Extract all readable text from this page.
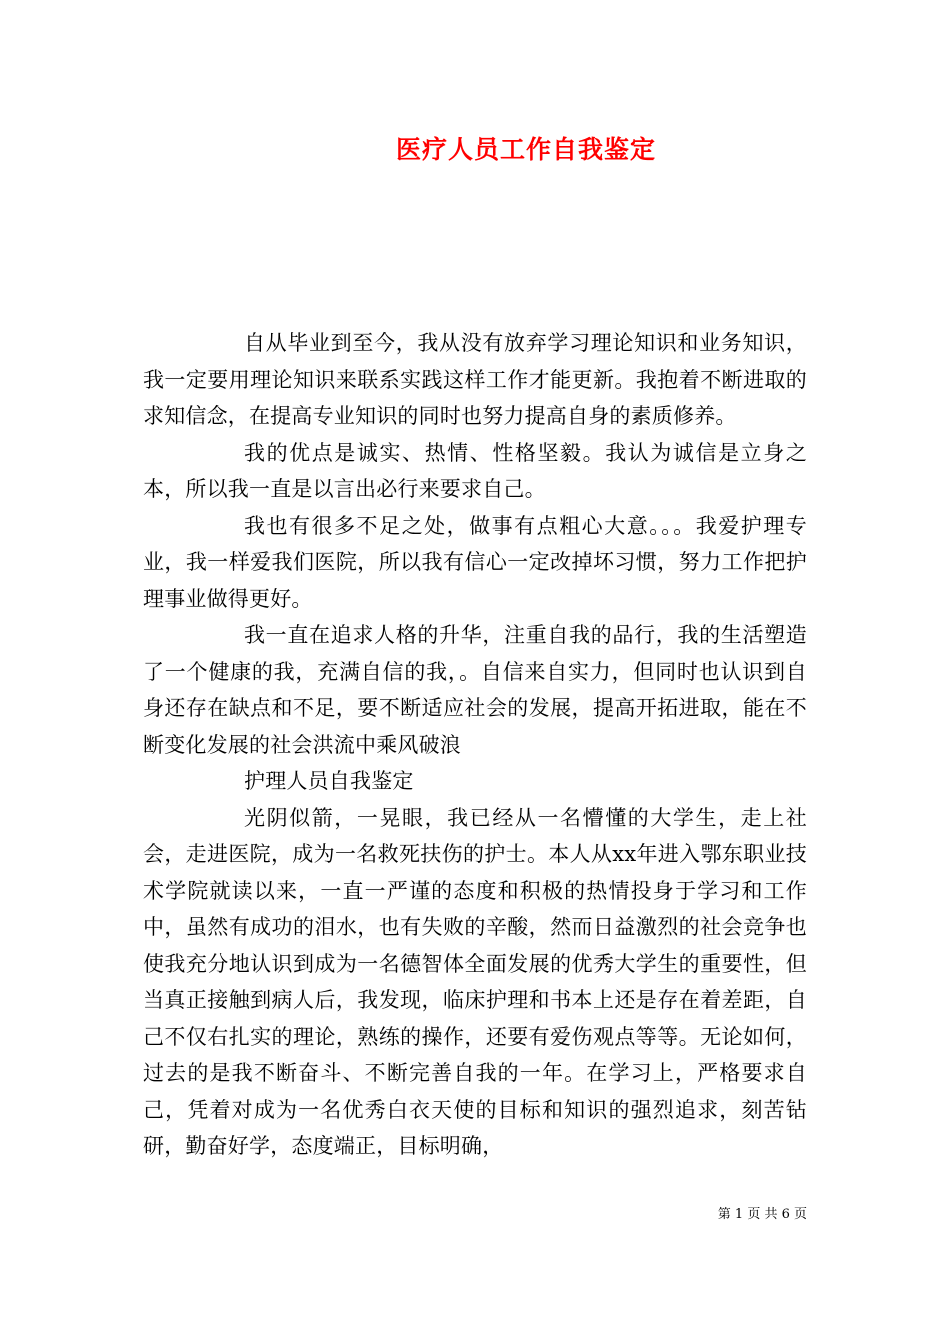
医疗人员工作自我鉴定

自从毕业到至今，我从没有放弃学习理论知识和业务知识，我一定要用理论知识来联系实践这样工作才能更新。我抱着不断进取的求知信念，在提高专业知识的同时也努力提高自身的素质修养。

我的优点是诚实、热情、性格坚毅。我认为诚信是立身之本，所以我一直是以言出必行来要求自己。

我也有很多不足之处，做事有点粗心大意。。。我爱护理专业，我一样爱我们医院，所以我有信心一定改掉坏习惯，努力工作把护理事业做得更好。

我一直在追求人格的升华，注重自我的品行，我的生活塑造了一个健康的我，充满自信的我，。自信来自实力，但同时也认识到自身还存在缺点和不足，要不断适应社会的发展，提高开拓进取，能在不断变化发展的社会洪流中乘风破浪

护理人员自我鉴定

光阴似箭，一晃眼，我已经从一名懵懂的大学生，走上社会，走进医院，成为一名救死扶伤的护士。本人从xx年进入鄂东职业技术学院就读以来，一直一严谨的态度和积极的热情投身于学习和工作中，虽然有成功的泪水，也有失败的辛酸，然而日益激烈的社会竞争也使我充分地认识到成为一名德智体全面发展的优秀大学生的重要性，但当真正接触到病人后，我发现，临床护理和书本上还是存在着差距，自己不仅右扎实的理论，熟练的操作，还要有爱伤观点等等。无论如何，过去的是我不断奋斗、不断完善自我的一年。在学习上，严格要求自己，凭着对成为一名优秀白衣天使的目标和知识的强烈追求，刻苦钻研，勤奋好学，态度端正，目标明确，

第 1 页 共 6 页
